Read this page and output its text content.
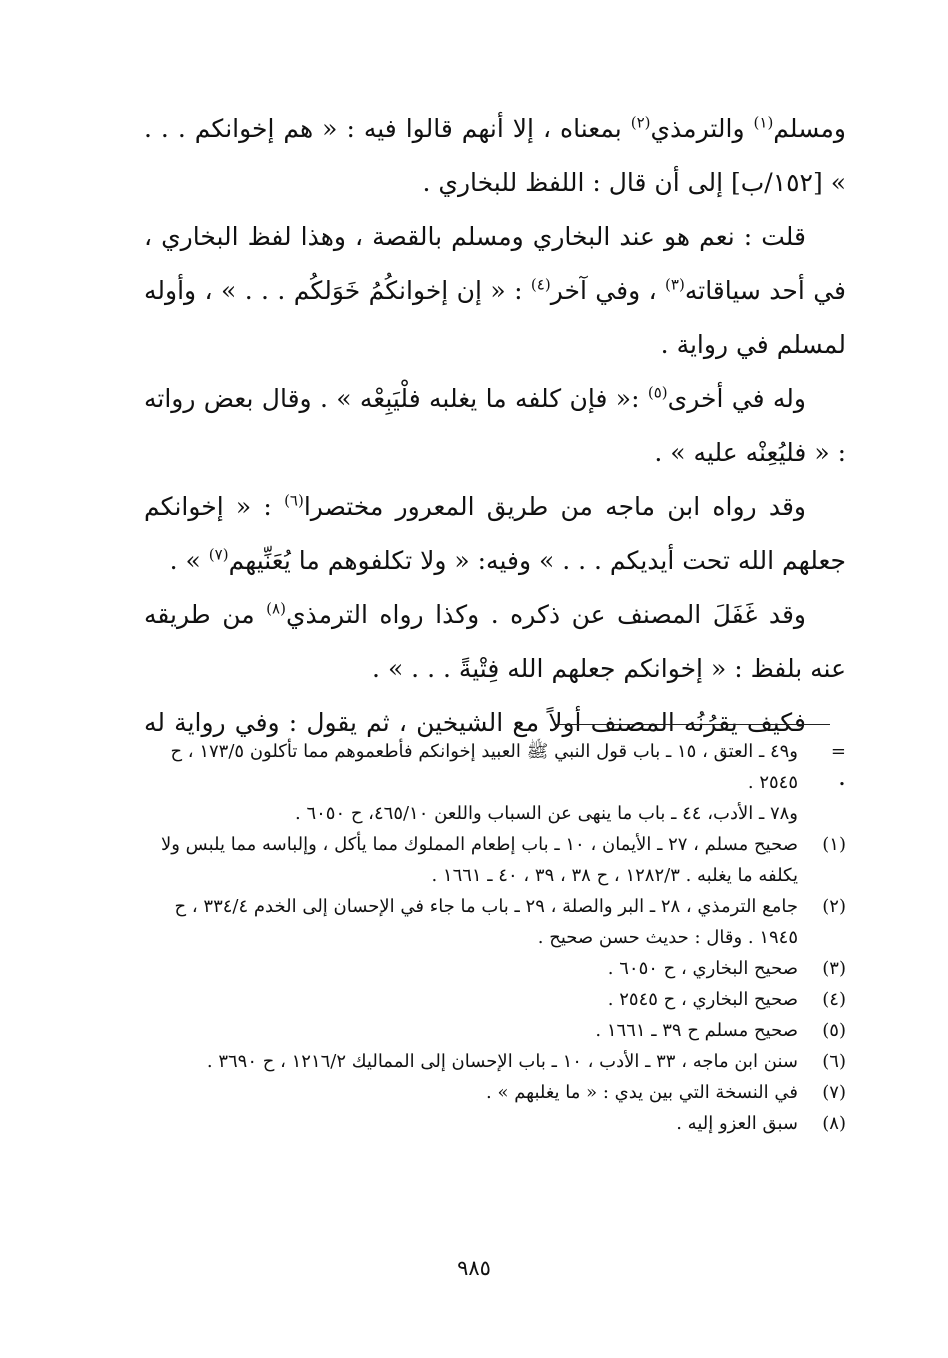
ومسلم$^{(١)}$ والترمذي$^{(٢)}$ بمعناه ، إلا أنهم قالوا فيه : « هم إخوانكم . . . » [١٥٢/ب] إلى أن قال : اللفظ للبخاري .

قلت : نعم هو عند البخاري ومسلم بالقصة ، وهذا لفظ البخاري ، في أحد سياقاته$^{(٣)}$ ، وفي آخر$^{(٤)}$ : « إن إخوانكُمُ خَوَلكُم . . . » ، وأوله لمسلم في رواية .

وله في أخرى$^{(٥)}$ :« فإن كلفه ما يغلبه فلْيَبِعْه » . وقال بعض رواته : « فليُعِنْه عليه » .

وقد رواه ابن ماجه من طريق المعرور مختصرا$^{(٦)}$ : « إخوانكم جعلهم الله تحت أيديكم . . . » وفيه: « ولا تكلفوهم ما يُعَنِّيهم$^{(٧)}$ » .

وقد غَفَلَ المصنف عن ذكره . وكذا رواه الترمذي$^{(٨)}$ من طريقه عنه بلفظ : « إخوانكم جعلهم الله فِتْيةً . . . » .

فكيف يقرُنُه المصنف أولاً مع الشيخين ، ثم يقول : وفي رواية له .

=
و٤٩ ـ العتق ، ١٥ ـ باب قول النبي ﷺ العبيد إخوانكم فأطعموهم مما تأكلون ١٧٣/٥ ، ح ٢٥٤٥ .
و٧٨ ـ الأدب، ٤٤ ـ باب ما ينهى عن السباب واللعن ٤٦٥/١٠، ح ٦٠٥٠ .
(١)
صحيح مسلم ، ٢٧ ـ الأيمان ، ١٠ ـ باب إطعام المملوك مما يأكل ، وإلباسه مما يلبس ولا يكلفه ما يغلبه . ١٢٨٢/٣ ، ح ٣٨ ، ٣٩ ، ٤٠ ـ ١٦٦١ .
(٢)
جامع الترمذي ، ٢٨ ـ البر والصلة ، ٢٩ ـ باب ما جاء في الإحسان إلى الخدم ٣٣٤/٤ ، ح ١٩٤٥ . وقال : حديث حسن صحيح .
(٣)
صحيح البخاري ، ح ٦٠٥٠ .
(٤)
صحيح البخاري ، ح ٢٥٤٥ .
(٥)
صحيح مسلم ح ٣٩ ـ ١٦٦١ .
(٦)
سنن ابن ماجه ، ٣٣ ـ الأدب ، ١٠ ـ باب الإحسان إلى المماليك ١٢١٦/٢ ، ح ٣٦٩٠ .
(٧)
في النسخة التي بين يدي : « ما يغلبهم » .
(٨)
سبق العزو إليه .
٩٨٥
